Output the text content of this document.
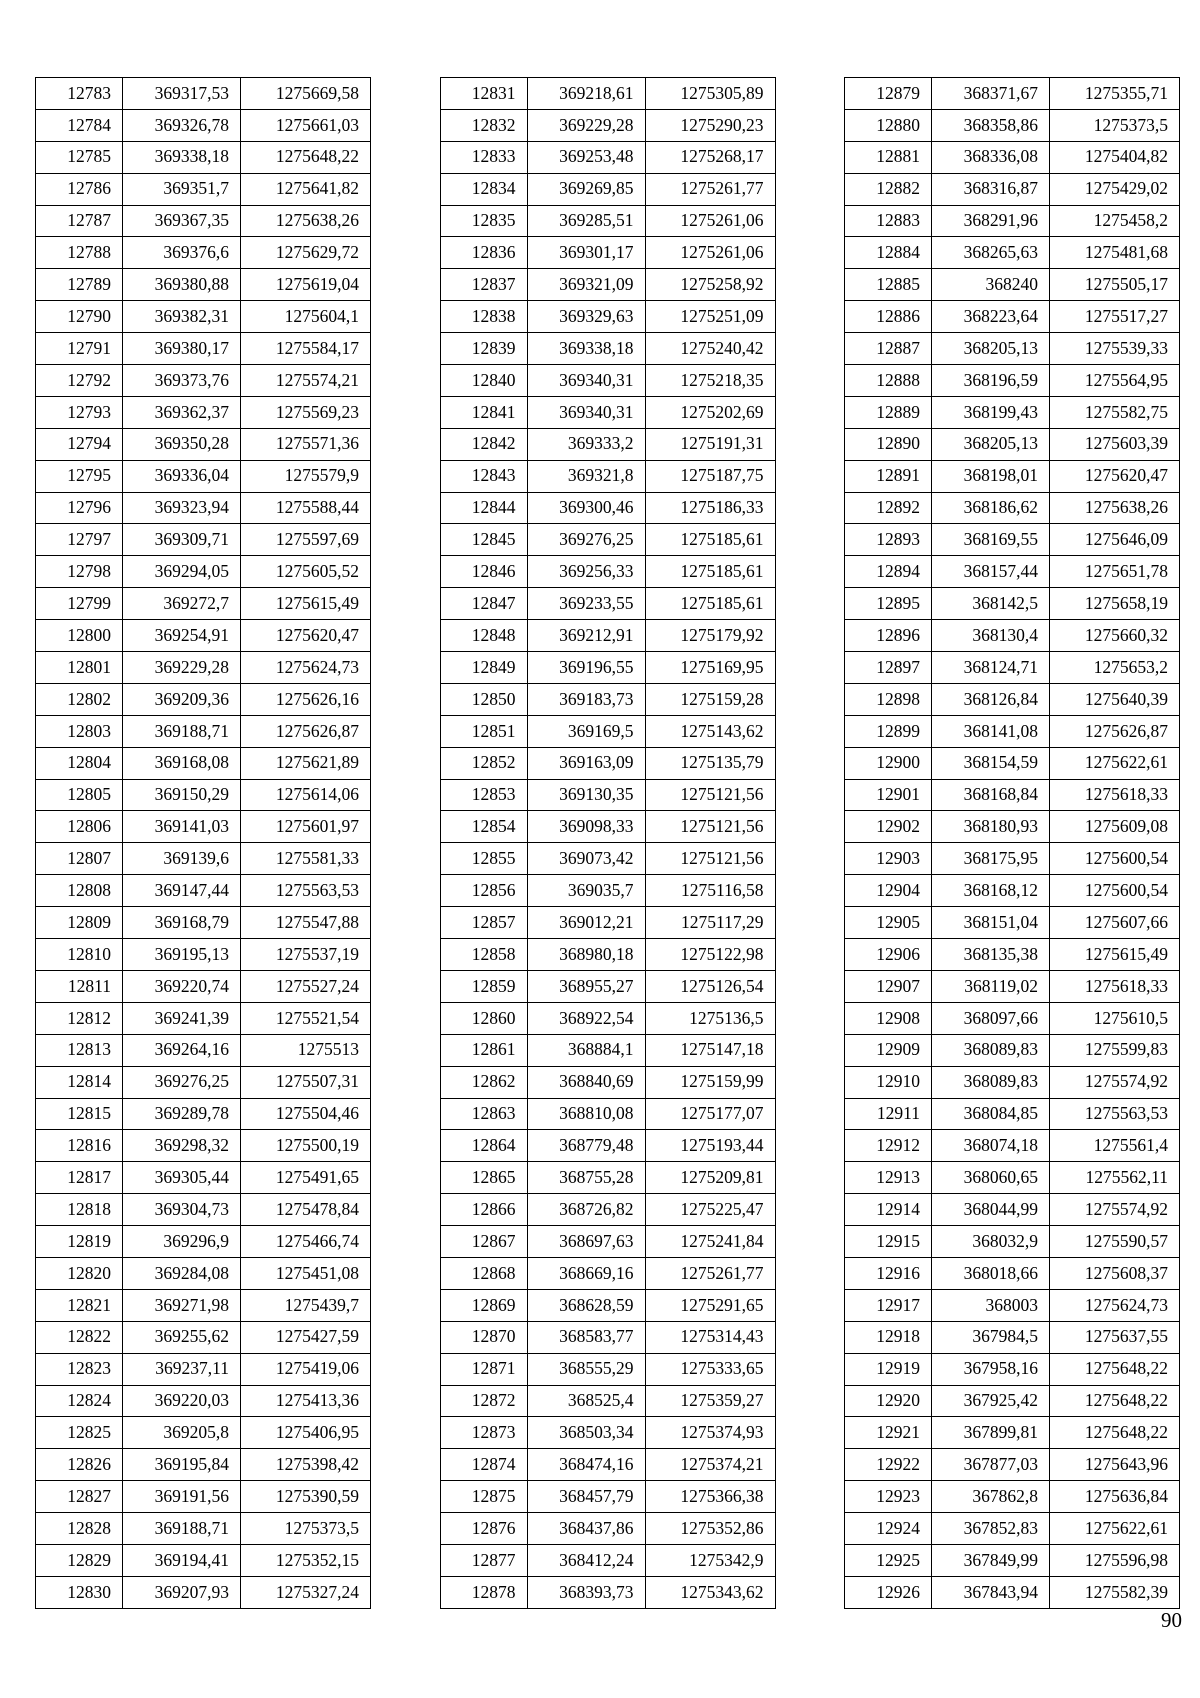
12783	369317,53	1275669,58
12784	369326,78	1275661,03
12785	369338,18	1275648,22
12786	369351,7	1275641,82
12787	369367,35	1275638,26
12788	369376,6	1275629,72
12789	369380,88	1275619,04
12790	369382,31	1275604,1
12791	369380,17	1275584,17
12792	369373,76	1275574,21
12793	369362,37	1275569,23
12794	369350,28	1275571,36
12795	369336,04	1275579,9
12796	369323,94	1275588,44
12797	369309,71	1275597,69
12798	369294,05	1275605,52
12799	369272,7	1275615,49
12800	369254,91	1275620,47
12801	369229,28	1275624,73
12802	369209,36	1275626,16
12803	369188,71	1275626,87
12804	369168,08	1275621,89
12805	369150,29	1275614,06
12806	369141,03	1275601,97
12807	369139,6	1275581,33
12808	369147,44	1275563,53
12809	369168,79	1275547,88
12810	369195,13	1275537,19
12811	369220,74	1275527,24
12812	369241,39	1275521,54
12813	369264,16	1275513
12814	369276,25	1275507,31
12815	369289,78	1275504,46
12816	369298,32	1275500,19
12817	369305,44	1275491,65
12818	369304,73	1275478,84
12819	369296,9	1275466,74
12820	369284,08	1275451,08
12821	369271,98	1275439,7
12822	369255,62	1275427,59
12823	369237,11	1275419,06
12824	369220,03	1275413,36
12825	369205,8	1275406,95
12826	369195,84	1275398,42
12827	369191,56	1275390,59
12828	369188,71	1275373,5
12829	369194,41	1275352,15
12830	369207,93	1275327,24
12831	369218,61	1275305,89
12832	369229,28	1275290,23
12833	369253,48	1275268,17
12834	369269,85	1275261,77
12835	369285,51	1275261,06
12836	369301,17	1275261,06
12837	369321,09	1275258,92
12838	369329,63	1275251,09
12839	369338,18	1275240,42
12840	369340,31	1275218,35
12841	369340,31	1275202,69
12842	369333,2	1275191,31
12843	369321,8	1275187,75
12844	369300,46	1275186,33
12845	369276,25	1275185,61
12846	369256,33	1275185,61
12847	369233,55	1275185,61
12848	369212,91	1275179,92
12849	369196,55	1275169,95
12850	369183,73	1275159,28
12851	369169,5	1275143,62
12852	369163,09	1275135,79
12853	369130,35	1275121,56
12854	369098,33	1275121,56
12855	369073,42	1275121,56
12856	369035,7	1275116,58
12857	369012,21	1275117,29
12858	368980,18	1275122,98
12859	368955,27	1275126,54
12860	368922,54	1275136,5
12861	368884,1	1275147,18
12862	368840,69	1275159,99
12863	368810,08	1275177,07
12864	368779,48	1275193,44
12865	368755,28	1275209,81
12866	368726,82	1275225,47
12867	368697,63	1275241,84
12868	368669,16	1275261,77
12869	368628,59	1275291,65
12870	368583,77	1275314,43
12871	368555,29	1275333,65
12872	368525,4	1275359,27
12873	368503,34	1275374,93
12874	368474,16	1275374,21
12875	368457,79	1275366,38
12876	368437,86	1275352,86
12877	368412,24	1275342,9
12878	368393,73	1275343,62
12879	368371,67	1275355,71
12880	368358,86	1275373,5
12881	368336,08	1275404,82
12882	368316,87	1275429,02
12883	368291,96	1275458,2
12884	368265,63	1275481,68
12885	368240	1275505,17
12886	368223,64	1275517,27
12887	368205,13	1275539,33
12888	368196,59	1275564,95
12889	368199,43	1275582,75
12890	368205,13	1275603,39
12891	368198,01	1275620,47
12892	368186,62	1275638,26
12893	368169,55	1275646,09
12894	368157,44	1275651,78
12895	368142,5	1275658,19
12896	368130,4	1275660,32
12897	368124,71	1275653,2
12898	368126,84	1275640,39
12899	368141,08	1275626,87
12900	368154,59	1275622,61
12901	368168,84	1275618,33
12902	368180,93	1275609,08
12903	368175,95	1275600,54
12904	368168,12	1275600,54
12905	368151,04	1275607,66
12906	368135,38	1275615,49
12907	368119,02	1275618,33
12908	368097,66	1275610,5
12909	368089,83	1275599,83
12910	368089,83	1275574,92
12911	368084,85	1275563,53
12912	368074,18	1275561,4
12913	368060,65	1275562,11
12914	368044,99	1275574,92
12915	368032,9	1275590,57
12916	368018,66	1275608,37
12917	368003	1275624,73
12918	367984,5	1275637,55
12919	367958,16	1275648,22
12920	367925,42	1275648,22
12921	367899,81	1275648,22
12922	367877,03	1275643,96
12923	367862,8	1275636,84
12924	367852,83	1275622,61
12925	367849,99	1275596,98
12926	367843,94	1275582,39
90
